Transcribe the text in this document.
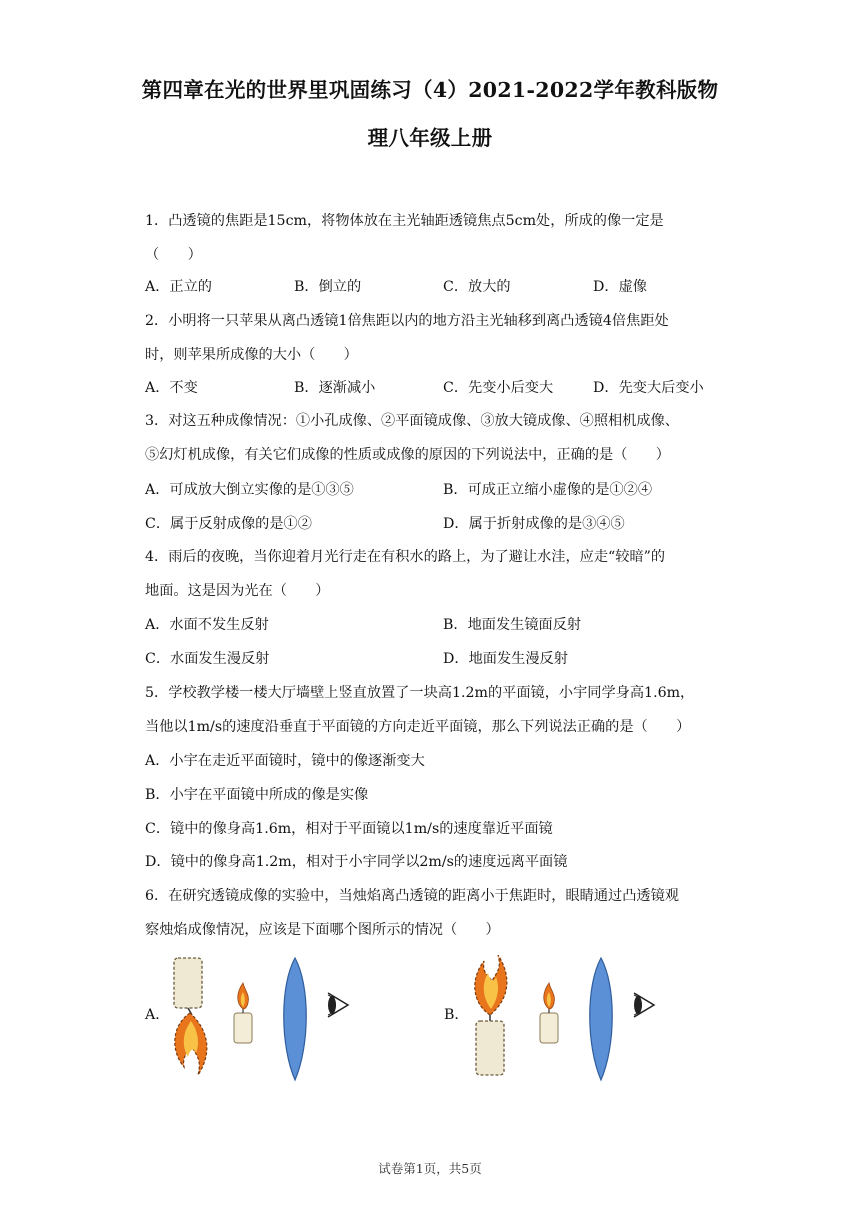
第四章在光的世界里巩固练习（4）2021-2022学年教科版物
理八年级上册
1．凸透镜的焦距是15cm，将物体放在主光轴距透镜焦点5cm处，所成的像一定是
（　　）
A．正立的	B．倒立的	C．放大的	D．虚像
2．小明将一只苹果从离凸透镜1倍焦距以内的地方沿主光轴移到离凸透镜4倍焦距处
时，则苹果所成像的大小（　　）
A．不变	B．逐渐减小	C．先变小后变大	D．先变大后变小
3．对这五种成像情况：①小孔成像、②平面镜成像、③放大镜成像、④照相机成像、
⑤幻灯机成像，有关它们成像的性质或成像的原因的下列说法中，正确的是（　　）
A．可成放大倒立实像的是①③⑤	B．可成正立缩小虚像的是①②④
C．属于反射成像的是①②	D．属于折射成像的是③④⑤
4．雨后的夜晚，当你迎着月光行走在有积水的路上，为了避让水洼，应走“较暗”的
地面。这是因为光在（　　）
A．水面不发生反射	B．地面发生镜面反射
C．水面发生漫反射	D．地面发生漫反射
5．学校教学楼一楼大厅墙壁上竖直放置了一块高1.2m的平面镜，小宇同学身高1.6m，
当他以1m/s的速度沿垂直于平面镜的方向走近平面镜，那么下列说法正确的是（　　）
A．小宇在走近平面镜时，镜中的像逐渐变大
B．小宇在平面镜中所成的像是实像
C．镜中的像身高1.6m，相对于平面镜以1m/s的速度靠近平面镜
D．镜中的像身高1.2m，相对于小宇同学以2m/s的速度远离平面镜
6．在研究透镜成像的实验中，当烛焰离凸透镜的距离小于焦距时，眼睛通过凸透镜观
察烛焰成像情况，应该是下面哪个图所示的情况（　　）
A．	B．
试卷第1页，共5页
